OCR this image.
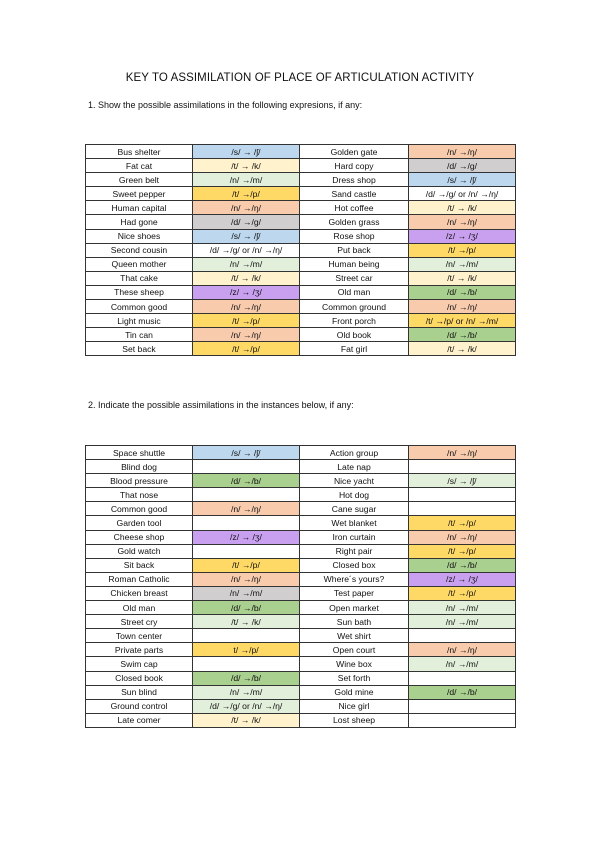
KEY TO ASSIMILATION OF PLACE OF ARTICULATION ACTIVITY
1. Show the possible assimilations in the following expresions, if any:
Bus shelter	/s/ → /ʃ/	Golden gate	/n/ →/ŋ/
Fat cat	/t/ → /k/	Hard copy	/d/ →/g/
Green belt	/n/ →/m/	Dress shop	/s/ → /ʃ/
Sweet pepper	/t/ →/p/	Sand castle	/d/ →/g/ or /n/ →/ŋ/
Human capital	/n/ →/ŋ/	Hot coffee	/t/ → /k/
Had gone	/d/ →/g/	Golden grass	/n/ →/ŋ/
Nice shoes	/s/ → /ʃ/	Rose shop	/z/ → /ʒ/
Second cousin	/d/ →/g/ or /n/ →/ŋ/	Put back	/t/ →/p/
Queen mother	/n/ →/m/	Human being	/n/ →/m/
That cake	/t/ → /k/	Street car	/t/ → /k/
These sheep	/z/ → /ʒ/	Old man	/d/ →/b/
Common good	/n/ →/ŋ/	Common ground	/n/ →/ŋ/
Light music	/t/ →/p/	Front porch	/t/ →/p/ or /n/ →/m/
Tin can	/n/ →/ŋ/	Old book	/d/ →/b/
Set back	/t/ →/p/	Fat girl	/t/ → /k/
2. Indicate the possible assimilations in the instances below, if any:
Space shuttle	/s/ → /ʃ/	Action group	/n/ →/ŋ/
Blind dog		Late nap	
Blood pressure	/d/ →/b/	Nice yacht	/s/ → /ʃ/
That nose		Hot dog	
Common good	/n/ →/ŋ/	Cane sugar	
Garden tool		Wet blanket	/t/ →/p/
Cheese shop	/z/ → /ʒ/	Iron curtain	/n/ →/ŋ/
Gold watch		Right pair	/t/ →/p/
Sit back	/t/ →/p/	Closed box	/d/ →/b/
Roman Catholic	/n/ →/ŋ/	Where´s yours?	/z/ → /ʒ/
Chicken breast	/n/ →/m/	Test paper	/t/ →/p/
Old man	/d/ →/b/	Open market	/n/ →/m/
Street cry	/t/ → /k/	Sun bath	/n/ →/m/
Town center		Wet shirt	
Private parts	t/ →/p/	Open court	/n/ →/ŋ/
Swim cap		Wine box	/n/ →/m/
Closed book	/d/ →/b/	Set forth	
Sun blind	/n/ →/m/	Gold mine	/d/ →/b/
Ground control	/d/ →/g/ or /n/ →/ŋ/	Nice girl	
Late comer	/t/ → /k/	Lost sheep	
